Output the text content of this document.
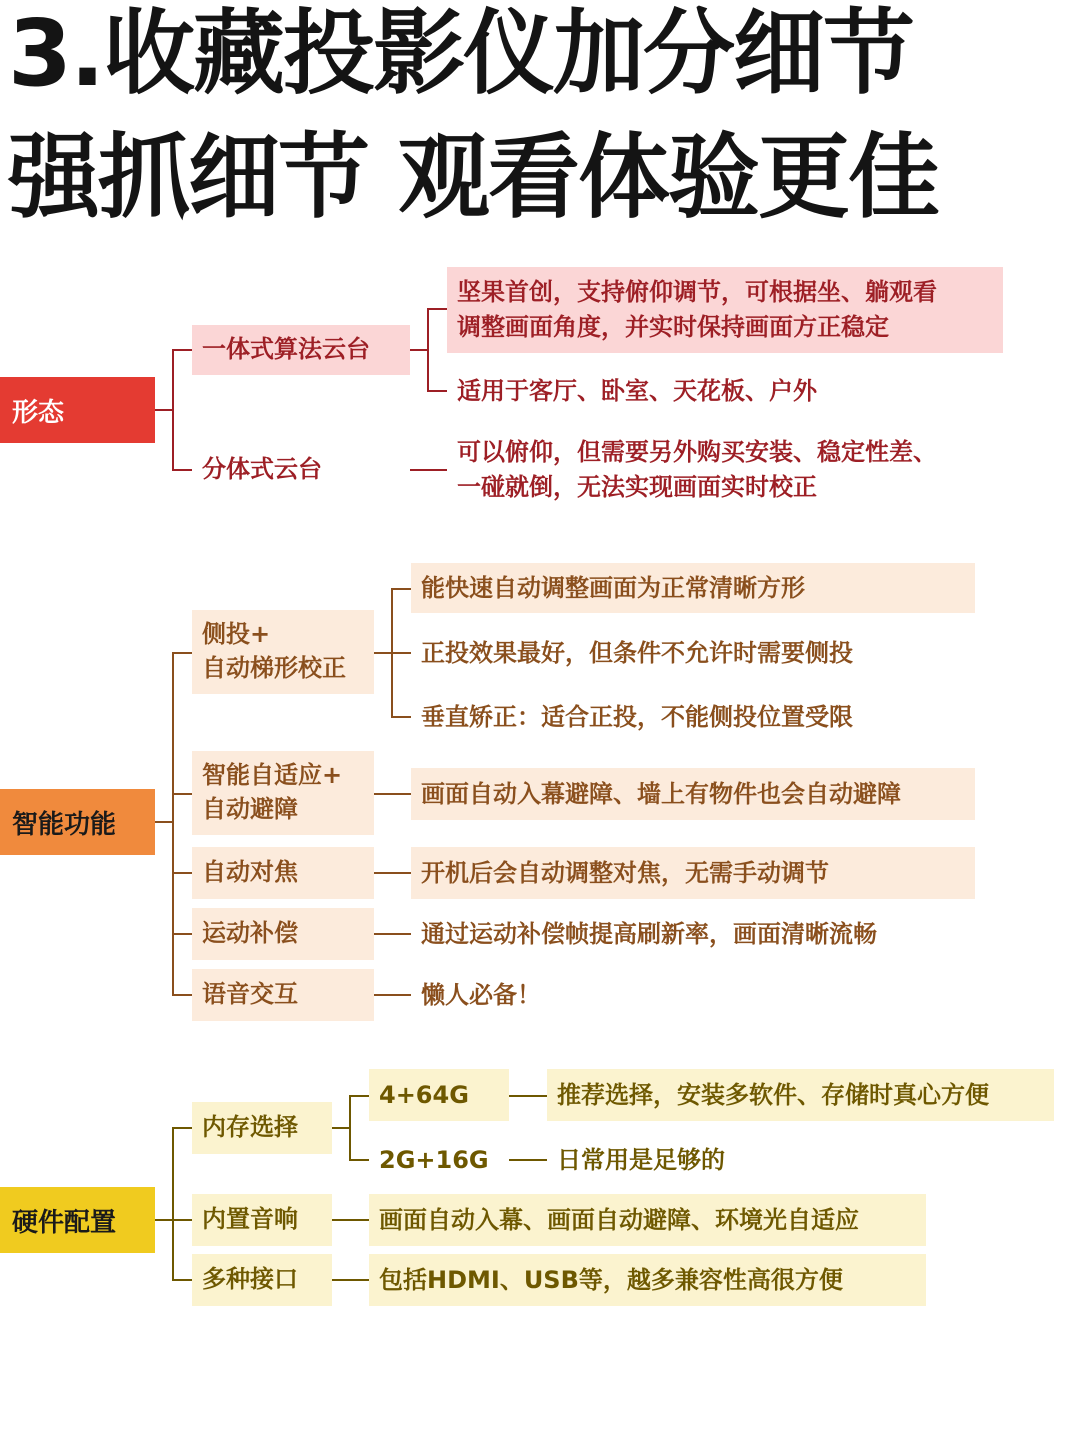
3.收藏投影仪加分细节
强抓细节 观看体验更佳
形态
一体式算法云台
分体式云台
坚果首创，支持俯仰调节，可根据坐、躺观看
调整画面角度，并实时保持画面方正稳定
适用于客厅、卧室、天花板、户外
可以俯仰，但需要另外购买安装、稳定性差、
一碰就倒，无法实现画面实时校正
智能功能
侧投+
自动梯形校正
智能自适应+
自动避障
自动对焦
运动补偿
语音交互
能快速自动调整画面为正常清晰方形
正投效果最好，但条件不允许时需要侧投
垂直矫正：适合正投，不能侧投位置受限
画面自动入幕避障、墙上有物件也会自动避障
开机后会自动调整对焦，无需手动调节
通过运动补偿帧提高刷新率，画面清晰流畅
懒人必备！
硬件配置
内存选择
内置音响
多种接口
4+64G
2G+16G
推荐选择，安装多软件、存储时真心方便
日常用是足够的
画面自动入幕、画面自动避障、环境光自适应
包括HDMI、USB等，越多兼容性高很方便
